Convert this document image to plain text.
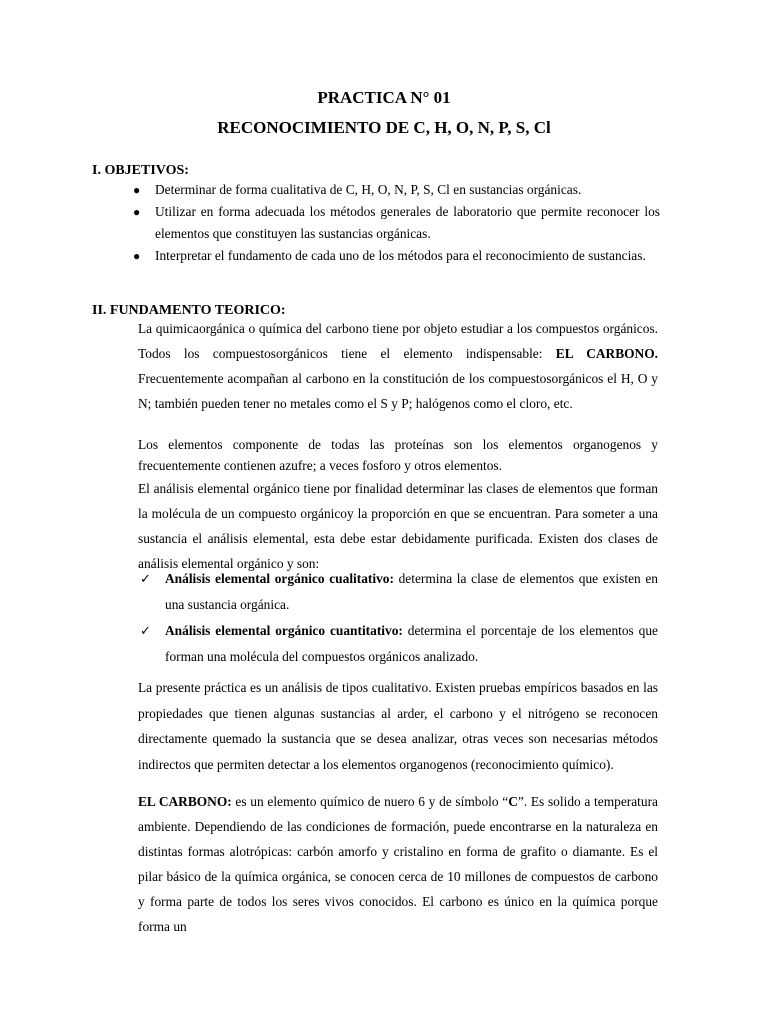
PRACTICA N° 01
RECONOCIMIENTO DE C, H, O, N, P, S, Cl
I. OBJETIVOS:
● Determinar de forma cualitativa de C, H, O, N, P, S, Cl en sustancias orgánicas.
● Utilizar en forma adecuada los métodos generales de laboratorio que permite reconocer los elementos que constituyen las sustancias orgánicas.
● Interpretar el fundamento de cada uno de los métodos para el reconocimiento de sustancias.
II. FUNDAMENTO TEORICO:

La quimicaorgánica o química del carbono tiene por objeto estudiar a los compuestos orgánicos. Todos los compuestosorgánicos tiene el elemento indispensable: EL CARBONO. Frecuentemente acompañan al carbono en la constitución de los compuestosorgánicos el H, O y N; también pueden tener no metales como el S y P; halógenos como el cloro, etc.

Los elementos componente de todas las proteínas son los elementos organogenos y frecuentemente contienen azufre; a veces fosforo y otros elementos.

El análisis elemental orgánico tiene por finalidad determinar las clases de elementos que forman la molécula de un compuesto orgánicoy la proporción en que se encuentran. Para someter a una sustancia el análisis elemental, esta debe estar debidamente purificada. Existen dos clases de análisis elemental orgánico y son:

✓ Análisis elemental orgánico cualitativo: determina la clase de elementos que existen en una sustancia orgánica.
✓ Análisis elemental orgánico cuantitativo: determina el porcentaje de los elementos que forman una molécula del compuestos orgánicos analizado.

La presente práctica es un análisis de tipos cualitativo. Existen pruebas empíricos basados en las propiedades que tienen algunas sustancias al arder, el carbono y el nitrógeno se reconocen directamente quemado la sustancia que se desea analizar, otras veces son necesarias métodos indirectos que permiten detectar a los elementos organogenos (reconocimiento químico).

EL CARBONO: es un elemento químico de nuero 6 y de símbolo “C”. Es solido a temperatura ambiente. Dependiendo de las condiciones de formación, puede encontrarse en la naturaleza en distintas formas alotrópicas: carbón amorfo y cristalino en forma de grafito o diamante. Es el pilar básico de la química orgánica, se conocen cerca de 10 millones de compuestos de carbono y forma parte de todos los seres vivos conocidos. El carbono es único en la química porque forma un
